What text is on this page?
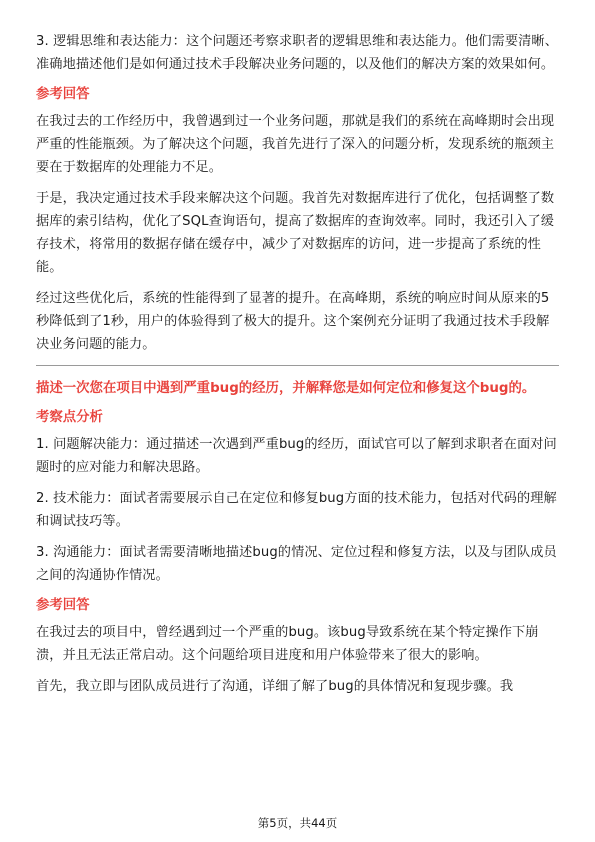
3. 逻辑思维和表达能力：这个问题还考察求职者的逻辑思维和表达能力。他们需要清晰、准确地描述他们是如何通过技术手段解决业务问题的，以及他们的解决方案的效果如何。

参考回答

在我过去的工作经历中，我曾遇到过一个业务问题，那就是我们的系统在高峰期时会出现严重的性能瓶颈。为了解决这个问题，我首先进行了深入的问题分析，发现系统的瓶颈主要在于数据库的处理能力不足。

于是，我决定通过技术手段来解决这个问题。我首先对数据库进行了优化，包括调整了数据库的索引结构，优化了SQL查询语句，提高了数据库的查询效率。同时，我还引入了缓存技术，将常用的数据存储在缓存中，减少了对数据库的访问，进一步提高了系统的性能。

经过这些优化后，系统的性能得到了显著的提升。在高峰期，系统的响应时间从原来的5秒降低到了1秒，用户的体验得到了极大的提升。这个案例充分证明了我通过技术手段解决业务问题的能力。

描述一次您在项目中遇到严重bug的经历，并解释您是如何定位和修复这个bug的。
考察点分析

1. 问题解决能力：通过描述一次遇到严重bug的经历，面试官可以了解到求职者在面对问题时的应对能力和解决思路。

2. 技术能力：面试者需要展示自己在定位和修复bug方面的技术能力，包括对代码的理解和调试技巧等。

3. 沟通能力：面试者需要清晰地描述bug的情况、定位过程和修复方法，以及与团队成员之间的沟通协作情况。

参考回答

在我过去的项目中，曾经遇到过一个严重的bug。该bug导致系统在某个特定操作下崩溃，并且无法正常启动。这个问题给项目进度和用户体验带来了很大的影响。

首先，我立即与团队成员进行了沟通，详细了解了bug的具体情况和复现步骤。我

第5页，共44页
